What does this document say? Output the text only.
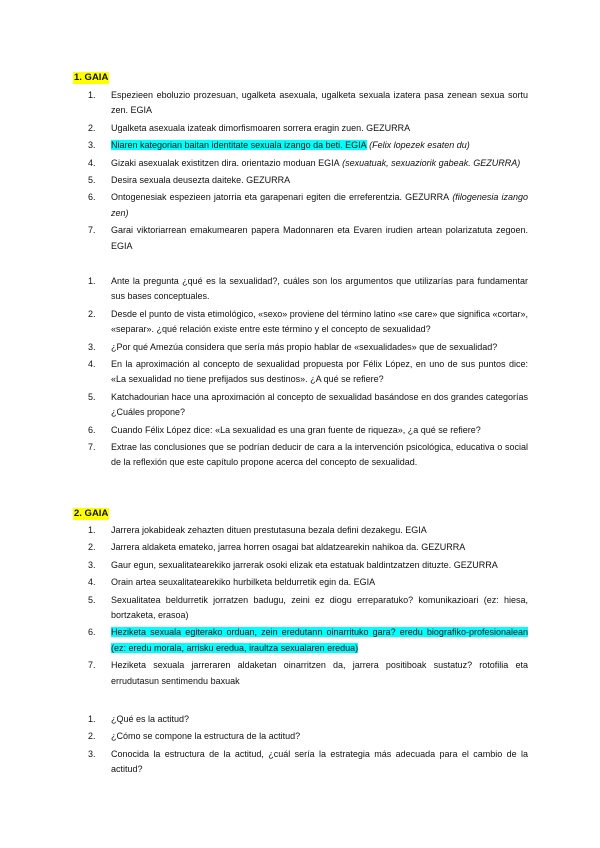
1. GAIA
1. Espezieen eboluzio prozesuan, ugalketa asexuala, ugalketa sexuala izatera pasa zenean sexua sortu zen. EGIA
2. Ugalketa asexuala izateak dimorfismoaren sorrera eragin zuen. GEZURRA
3. Niaren kategorian baitan identitate sexuala izango da beti. EGIA (Felix lopezek esaten du)
4. Gizaki asexualak existitzen dira. orientazio moduan EGIA (sexuatuak, sexuaziorik gabeak. GEZURRA)
5. Desira sexuala deusezta daiteke. GEZURRA
6. Ontogenesiak espezieen jatorria eta garapenari egiten die erreferentzia. GEZURRA (filogenesia izango zen)
7. Garai viktoriarrean emakumearen papera Madonnaren eta Evaren irudien artean polarizatuta zegoen. EGIA
1. Ante la pregunta ¿qué es la sexualidad?, cuáles son los argumentos que utilizarías para fundamentar sus bases conceptuales.
2. Desde el punto de vista etimológico, «sexo» proviene del término latino «se care» que significa «cortar», «separar». ¿qué relación existe entre este término y el concepto de sexualidad?
3. ¿Por qué Amezúa considera que sería más propio hablar de «sexualidades» que de sexualidad?
4. En la aproximación al concepto de sexualidad propuesta por Félix López, en uno de sus puntos dice: «La sexualidad no tiene prefijados sus destinos». ¿A qué se refiere?
5. Katchadourian hace una aproximación al concepto de sexualidad basándose en dos grandes categorías ¿Cuáles propone?
6. Cuando Félix López dice: «La sexualidad es una gran fuente de riqueza», ¿a qué se refiere?
7. Extrae las conclusiones que se podrían deducir de cara a la intervención psicológica, educativa o social de la reflexión que este capítulo propone acerca del concepto de sexualidad.
2. GAIA
1. Jarrera jokabideak zehazten dituen prestutasuna bezala defini dezakegu. EGIA
2. Jarrera aldaketa emateko, jarrea horren osagai bat aldatzearekin nahikoa da. GEZURRA
3. Gaur egun, sexualitatearekiko jarrerak osoki elizak eta estatuak baldintzatzen dituzte. GEZURRA
4. Orain artea seuxalitatearekiko hurbilketa beldurretik egin da. EGIA
5. Sexualitatea beldurretik jorratzen badugu, zeini ez diogu erreparatuko? komunikazioari (ez: hiesa, bortzaketa, erasoa)
6. Heziketa sexuala egiterako orduan, zein eredutann oinarrituko gara? eredu biografiko-profesionalean (ez: eredu morala, arrisku eredua, iraultza sexualaren eredua)
7. Heziketa sexuala jarreraren aldaketan oinarritzen da, jarrera positiboak sustatuz? rotofilia eta errudutasun sentimendu baxuak
1. ¿Qué es la actitud?
2. ¿Cómo se compone la estructura de la actitud?
3. Conocida la estructura de la actitud, ¿cuál sería la estrategia más adecuada para el cambio de la actitud?
